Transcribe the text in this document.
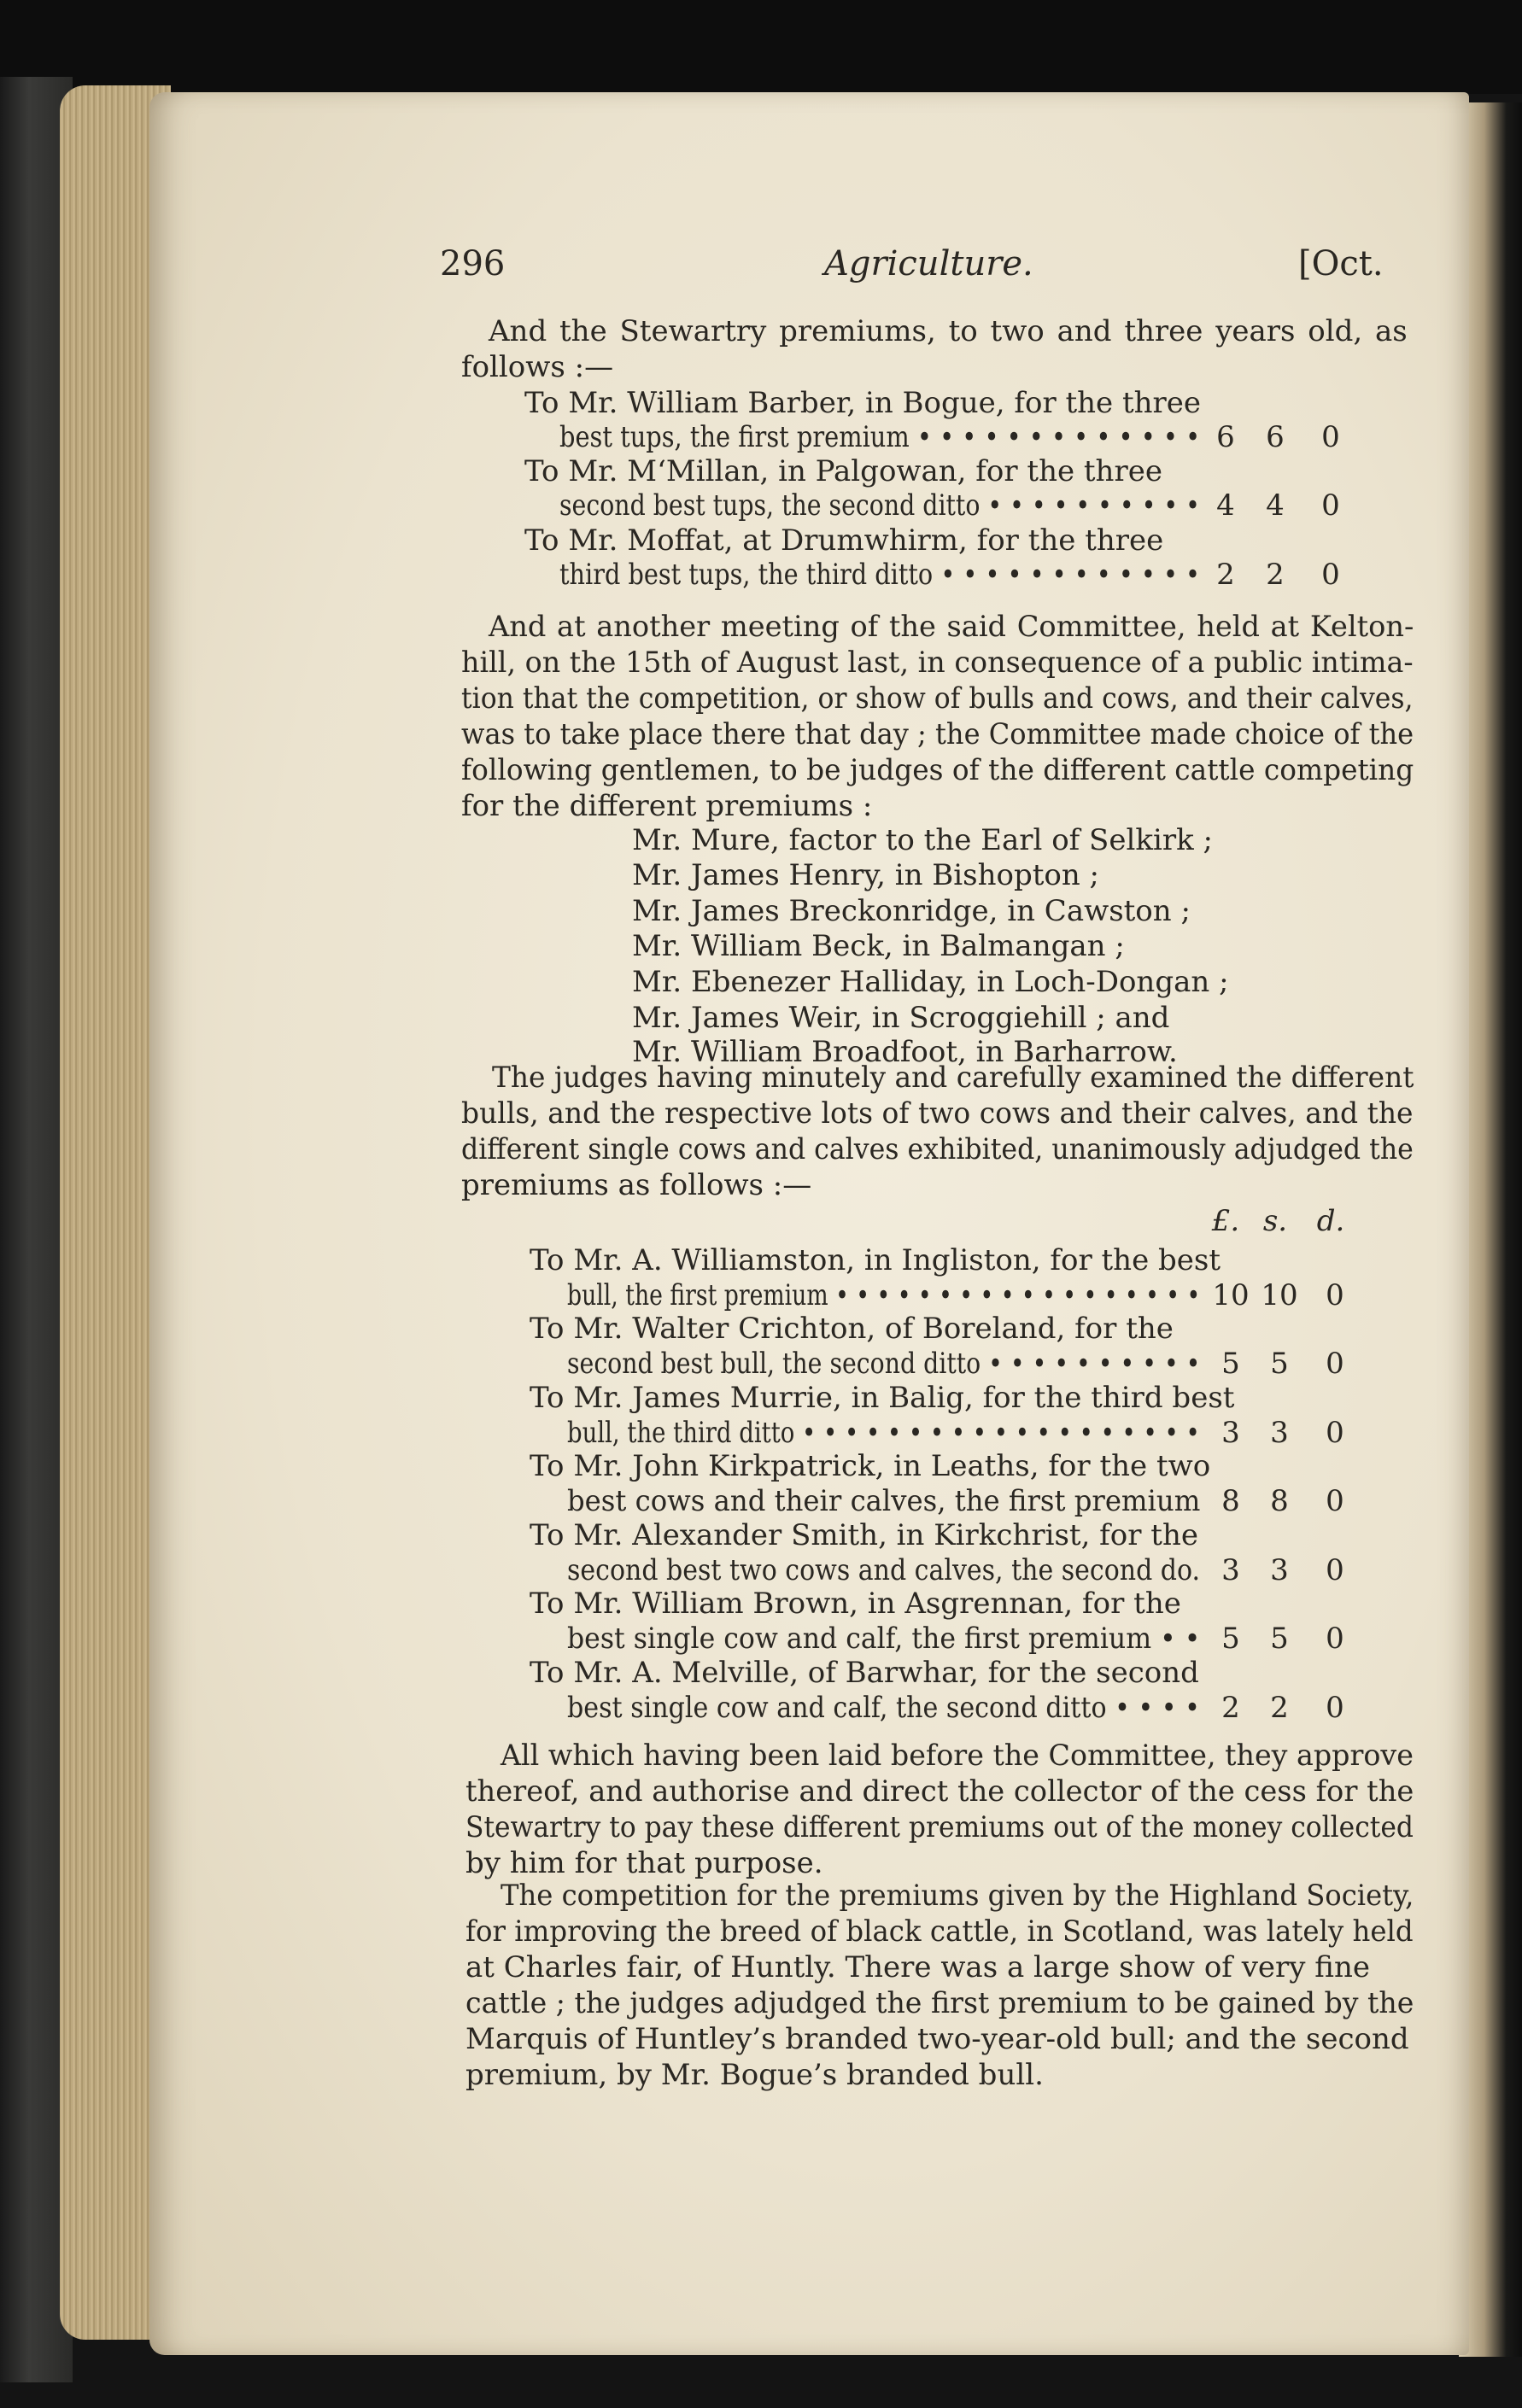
296	Agriculture.	[Oct.
And the Stewartry premiums, to two and three years old, as
follows :—
To Mr. William Barber, in Bogue, for the three
best tups, the first premium • • • • • • • • • • • • • 6	6	0
To Mr. M‘Millan, in Palgowan, for the three
second best tups, the second ditto • • • • • • • • • • 4	4	0
To Mr. Moffat, at Drumwhirm, for the three
third best tups, the third ditto • • • • • • • • • • • • 2	2	0
And at another meeting of the said Committee, held at Kelton-
hill, on the 15th of August last, in consequence of a public intima-
tion that the competition, or show of bulls and cows, and their calves,
was to take place there that day ; the Committee made choice of the
following gentlemen, to be judges of the different cattle competing
for the different premiums :
Mr. Mure, factor to the Earl of Selkirk ;
Mr. James Henry, in Bishopton ;
Mr. James Breckonridge, in Cawston ;
Mr. William Beck, in Balmangan ;
Mr. Ebenezer Halliday, in Loch-Dongan ;
Mr. James Weir, in Scroggiehill ; and
Mr. William Broadfoot, in Barharrow.
The judges having minutely and carefully examined the different
bulls, and the respective lots of two cows and their calves, and the
different single cows and calves exhibited, unanimously adjudged the
premiums as follows :—
£. s.	d.
To Mr. A. Williamston, in Ingliston, for the best
bull, the first premium • • • • • • • • • • • • • • • • • • 10 10 0
To Mr. Walter Crichton, of Boreland, for the
second best bull, the second ditto • • • • • • • • • • 5	5	0
To Mr. James Murrie, in Balig, for the third best
bull, the third ditto • • • • • • • • • • • • • • • • • • • 3	3	0
To Mr. John Kirkpatrick, in Leaths, for the two
best cows and their calves, the first premium 8	8	0
To Mr. Alexander Smith, in Kirkchrist, for the
second best two cows and calves, the second do. 3	3	0
To Mr. William Brown, in Asgrennan, for the
best single cow and calf, the first premium • • 5	5	0
To Mr. A. Melville, of Barwhar, for the second
best single cow and calf, the second ditto • • • • 2	2	0
All which having been laid before the Committee, they approve
thereof, and authorise and direct the collector of the cess for the
Stewartry to pay these different premiums out of the money collected
by him for that purpose.
The competition for the premiums given by the Highland Society,
for improving the breed of black cattle, in Scotland, was lately held
at Charles fair, of Huntly. There was a large show of very fine
cattle ; the judges adjudged the first premium to be gained by the
Marquis of Huntley’s branded two-year-old bull; and the second
premium, by Mr. Bogue’s branded bull.
